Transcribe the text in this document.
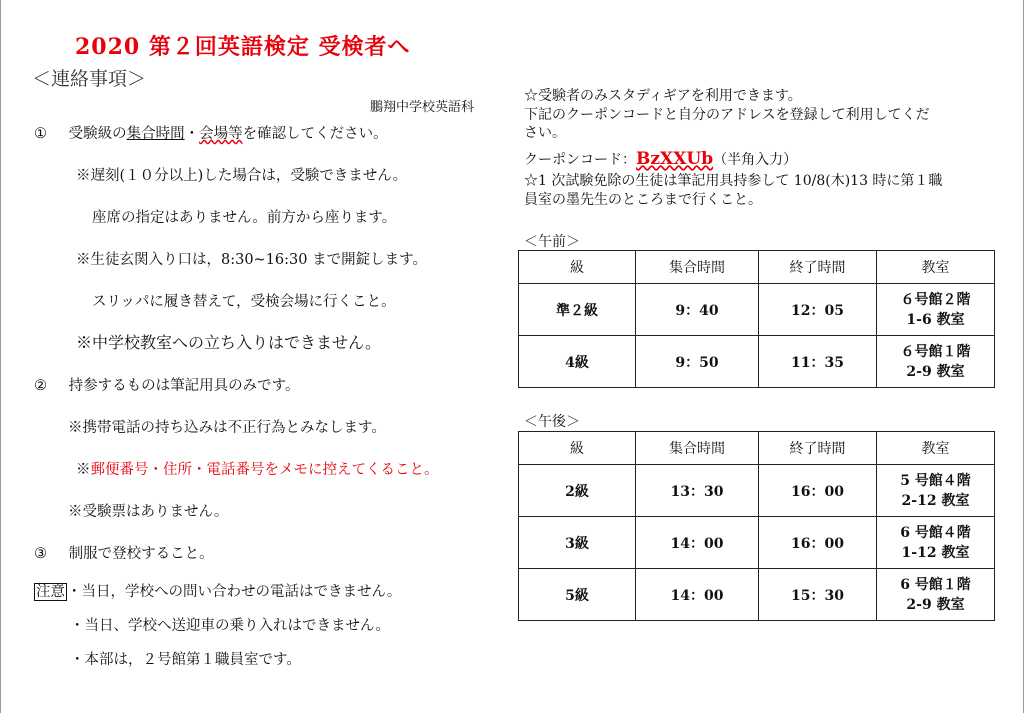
2020 第２回英語検定 受検者へ
＜連絡事項＞
鵬翔中学校英語科
① 受験級の集合時間・会場等を確認してください。
※遅刻(１０分以上)した場合は，受験できません。
座席の指定はありません。前方から座ります。
※生徒玄関入り口は，8:30~16:30 まで開錠します。
スリッパに履き替えて，受検会場に行くこと。
※中学校教室への立ち入りはできません。
② 持参するものは筆記用具のみです。
※携帯電話の持ち込みは不正行為とみなします。
※郵便番号・住所・電話番号をメモに控えてくること。
※受験票はありません。
③ 制服で登校すること。
注意 ・当日，学校への問い合わせの電話はできません。
・当日、学校へ送迎車の乗り入れはできません。
・本部は，２号館第１職員室です。
☆受験者のみスタディギアを利用できます。
下記のクーポンコードと自分のアドレスを登録して利用してくだ
さい。
クーポンコード：BzXXUb（半角入力）
☆1 次試験免除の生徒は筆記用具持参して 10/8(木)13 時に第１職
員室の墨先生のところまで行くこと。
＜午前＞
級	集合時間	終了時間	教室
準２級	9：40	12：05	６号館２階
1-6 教室
4級	9：50	11：35	６号館１階
2-9 教室
＜午後＞
級	集合時間	終了時間	教室
2級	13：30	16：00	5 号館４階
2-12 教室
3級	14：00	16：00	6 号館４階
1-12 教室
5級	14：00	15：30	6 号館１階
2-9 教室
